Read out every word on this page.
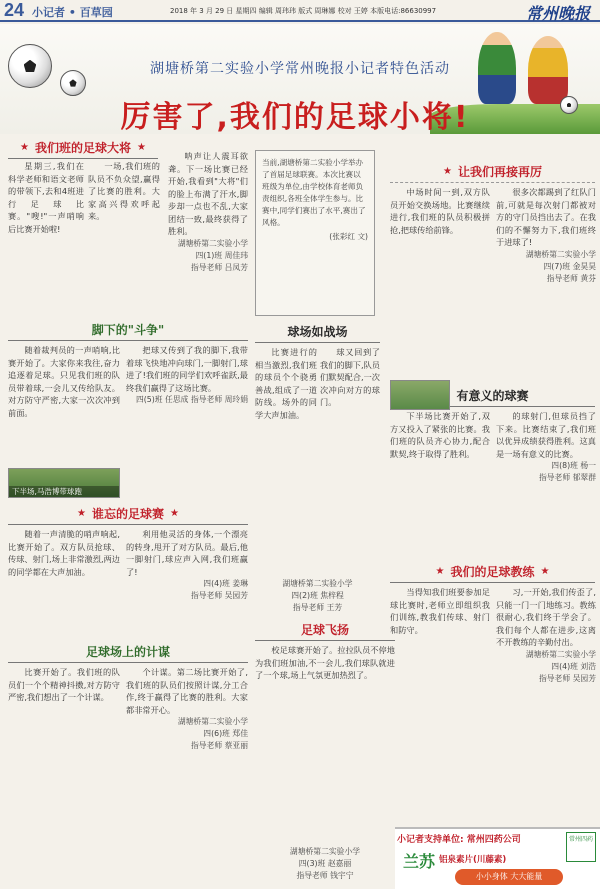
24 小记者 • 百草园	2018 年 3 月 29 日 星期四 编辑 周玮玮 版式 周琳娜 校对 王婷 本版电话:86630997	常州晚报
湖塘桥第二实验小学常州晚报小记者特色活动
厉害了,我们的足球小将!
★ 我们班的足球大将 ★

星期三,我们在科学老师和语文老师的带领下,去和4班进行足球比赛。"嗖!"一声哨响后比赛开始啦!

一场,我们班的队员不负众望,赢得了比赛的胜利。大家高兴得欢呼起来。

呐声让人震耳欲聋。下一场比赛已经开始,我看到"大将"们的脸上布满了汗水,脚步却一点也不乱,大家团结一致,最终获得了胜利。

湖塘桥第二实验小学
四(1)班 周佳玮
指导老师 吕凤芳
当前,湖塘桥第二实验小学举办了首届足球联赛。本次比赛以班级为单位,由学校体育老师负责组织,各班全体学生参与。比赛中,同学们赛出了水平,赛出了风格。
(张彩红 文)
脚下的"斗争"

随着裁判员的一声哨响,比赛开始了。大家你来我往,奋力追逐着足球。只见我们班的队员带着球,一会儿又传给队友。对方防守严密,大家一次次冲到前面。

把球又传到了我的脚下,我带着球飞快地冲向球门,一脚射门,球进了!我们班的同学们欢呼雀跃,最终我们赢得了这场比赛。

四(5)班 任思成 指导老师 周玲娟
下半场,马浩博带球跑
★ 谁忘的足球赛 ★

随着一声清脆的哨声响起,比赛开始了。双方队员抢球、传球、射门,场上非常激烈,两边的同学都在大声加油。

利用他灵活的身体,一个漂亮的转身,甩开了对方队员。最后,他一脚射门,球应声入网,我们班赢了!

四(4)班 姜琳
指导老师 吴园芳
足球场上的计谋

比赛开始了。我们班的队员们一个个精神抖擞,对方防守严密,我们想出了一个计谋。

个计谋。第二场比赛开始了,我们班的队员们按照计谋,分工合作,终于赢得了比赛的胜利。大家都非常开心。

湖塘桥第二实验小学
四(6)班 郑佳
指导老师 蔡亚丽
球场如战场

比赛进行的相当激烈,我们班的球员个个骁勇善战,组成了一道防线。场外的同学大声加油。

球又回到了我们的脚下,队员们默契配合,一次次冲向对方的球门。

湖塘桥第二实验小学
四(2)班 焦梓程
指导老师 王芳
足球飞扬

校足球赛开始了。拉拉队员不停地为我们班加油,不一会儿,我们球队就进了一个球,场上气氛更加热烈了。

湖塘桥第二实验小学
四(3)班 赵嘉丽
指导老师 钱宇宁
★ 让我们再接再厉

中场时间一到,双方队员开始交换场地。比赛继续进行,我们班的队员积极拼抢,把球传给前锋。

很多次都踢到了红队门前,可就是每次射门都被对方的守门员挡出去了。在我们的不懈努力下,我们班终于进球了!

湖塘桥第二实验小学
四(7)班 金昊昊
指导老师 黄芬
有意义的球赛

下半场比赛开始了,双方又投入了紧张的比赛。我们班的队员齐心协力,配合默契,终于取得了胜利。

的球射门,但球员挡了下来。比赛结束了,我们班以优异成绩获得胜利。这真是一场有意义的比赛。

四(8)班 杨一
指导老师 郁翠群
★ 我们的足球教练 ★

当得知我们班要参加足球比赛时,老师立即组织我们训练,教我们传球、射门和防守。

习,一开始,我们传歪了,只能一门一门地练习。教练很耐心,我们终于学会了。我们每个人都在进步,这离不开教练的辛勤付出。

湖塘桥第二实验小学
四(4)班 刘浩
指导老师 吴园芳
小记者支持单位: 常州四药公司
兰苏 铝泉素片(川藤素)
小小身体 大大能量
常州四药
